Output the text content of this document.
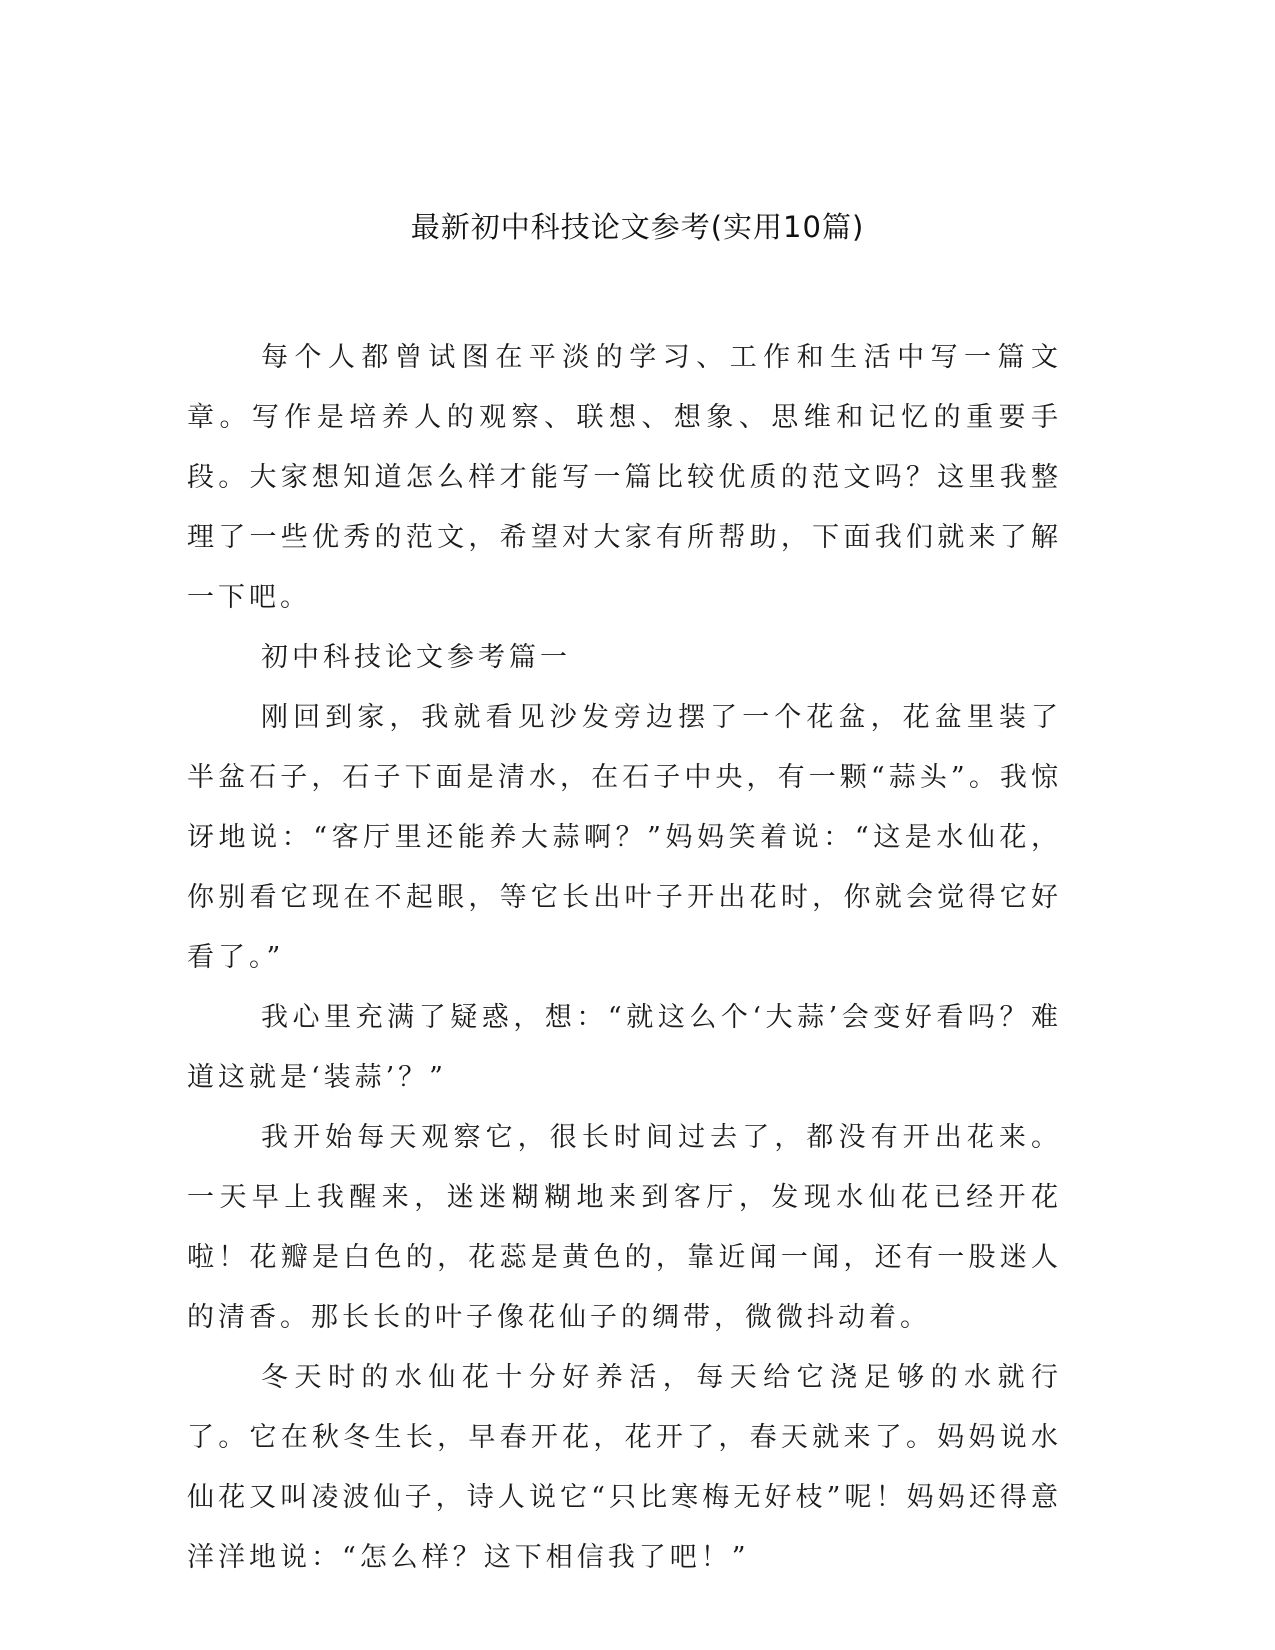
最新初中科技论文参考(实用10篇)

每个人都曾试图在平淡的学习、工作和生活中写一篇文章。写作是培养人的观察、联想、想象、思维和记忆的重要手段。大家想知道怎么样才能写一篇比较优质的范文吗？这里我整理了一些优秀的范文，希望对大家有所帮助，下面我们就来了解一下吧。

初中科技论文参考篇一

刚回到家，我就看见沙发旁边摆了一个花盆，花盆里装了半盆石子，石子下面是清水，在石子中央，有一颗“蒜头”。我惊讶地说：“客厅里还能养大蒜啊？”妈妈笑着说：“这是水仙花，你别看它现在不起眼，等它长出叶子开出花时，你就会觉得它好看了。”

我心里充满了疑惑，想：“就这么个‘大蒜’会变好看吗？难道这就是‘装蒜’？”

我开始每天观察它，很长时间过去了，都没有开出花来。一天早上我醒来，迷迷糊糊地来到客厅，发现水仙花已经开花啦！花瓣是白色的，花蕊是黄色的，靠近闻一闻，还有一股迷人的清香。那长长的叶子像花仙子的绸带，微微抖动着。

冬天时的水仙花十分好养活，每天给它浇足够的水就行了。它在秋冬生长，早春开花，花开了，春天就来了。妈妈说水仙花又叫凌波仙子，诗人说它“只比寒梅无好枝”呢！妈妈还得意洋洋地说：“怎么样？这下相信我了吧！”
